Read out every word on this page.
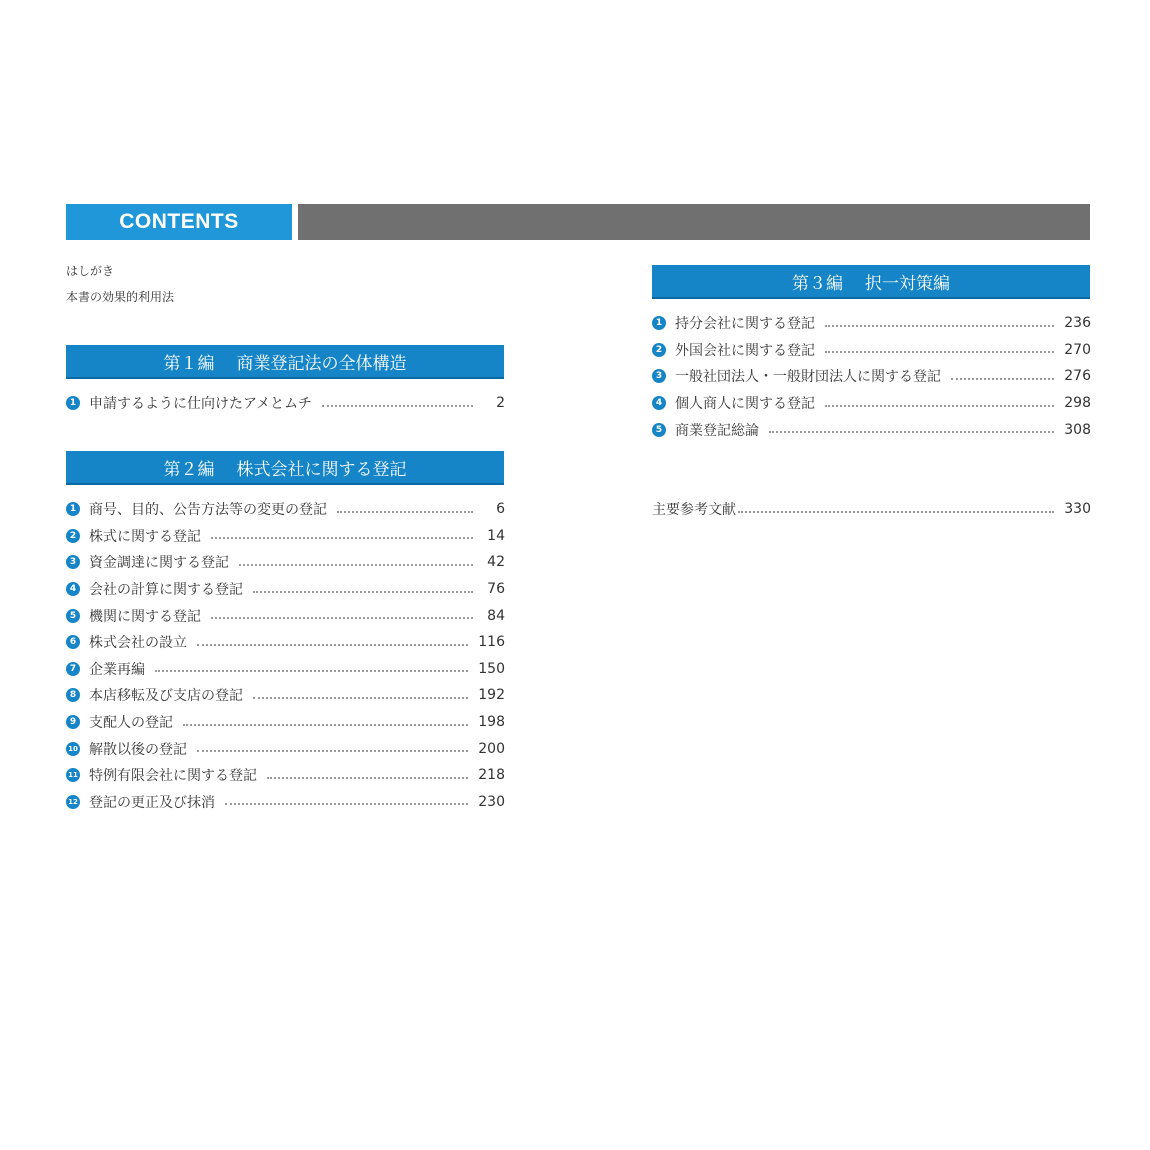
CONTENTS
はしがき
本書の効果的利用法
第１編 商業登記法の全体構造
1 申請するように仕向けたアメとムチ	2
第２編 株式会社に関する登記
1 商号、目的、公告方法等の変更の登記	6
2 株式に関する登記	14
3 資金調達に関する登記	42
4 会社の計算に関する登記	76
5 機関に関する登記	84
6 株式会社の設立	116
7 企業再編	150
8 本店移転及び支店の登記	192
9 支配人の登記	198
10 解散以後の登記	200
11 特例有限会社に関する登記	218
12 登記の更正及び抹消	230
第３編 択一対策編
1 持分会社に関する登記	236
2 外国会社に関する登記	270
3 一般社団法人・一般財団法人に関する登記	276
4 個人商人に関する登記	298
5 商業登記総論	308
主要参考文献	330
